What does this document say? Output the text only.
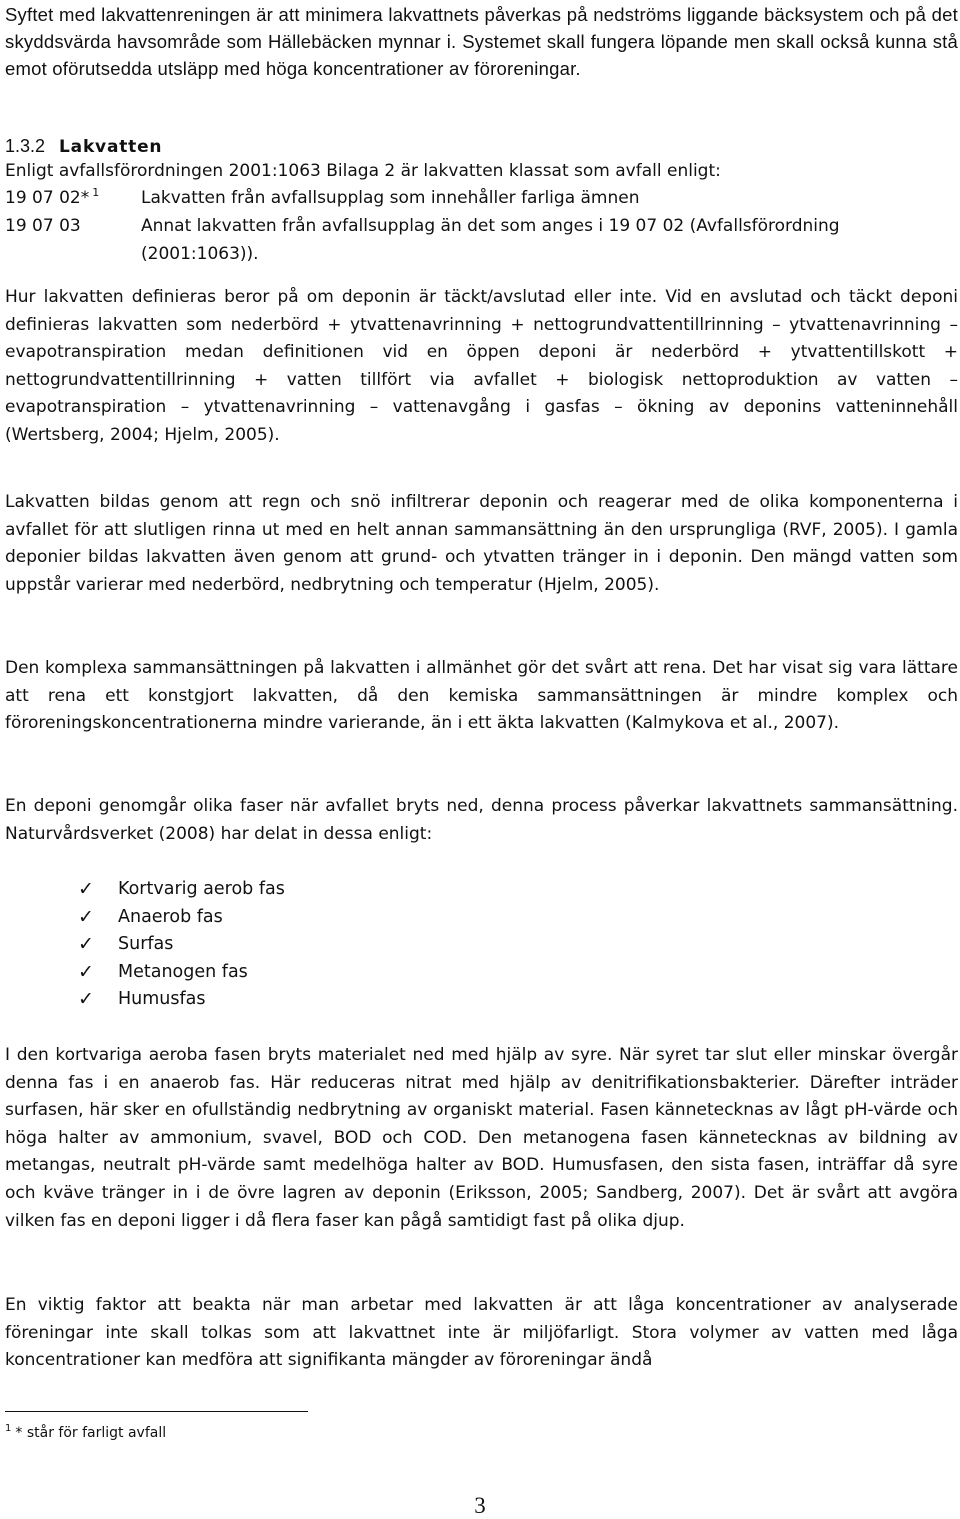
Syftet med lakvattenreningen är att minimera lakvattnets påverkas på nedströms liggande bäcksystem och på det skyddsvärda havsområde som Hällebäcken mynnar i. Systemet skall fungera löpande men skall också kunna stå emot oförutsedda utsläpp med höga koncentrationer av föroreningar.

1.3.2 Lakvatten

Enligt avfallsförordningen 2001:1063 Bilaga 2 är lakvatten klassat som avfall enligt:

19 07 02* $^1$ Lakvatten från avfallsupplag som innehåller farliga ämnen
19 07 03	Annat lakvatten från avfallsupplag än det som anges i 19 07 02 (Avfallsförordning (2001:1063)).

Hur lakvatten definieras beror på om deponin är täckt/avslutad eller inte. Vid en avslutad och täckt deponi definieras lakvatten som nederbörd + ytvattenavrinning + nettogrundvattentillrinning – ytvattenavrinning – evapotranspiration medan definitionen vid en öppen deponi är nederbörd + ytvattentillskott + nettogrundvattentillrinning + vatten tillfört via avfallet + biologisk nettoproduktion av vatten – evapotranspiration – ytvattenavrinning – vattenavgång i gasfas – ökning av deponins vatteninnehåll (Wertsberg, 2004; Hjelm, 2005).

Lakvatten bildas genom att regn och snö infiltrerar deponin och reagerar med de olika komponenterna i avfallet för att slutligen rinna ut med en helt annan sammansättning än den ursprungliga (RVF, 2005). I gamla deponier bildas lakvatten även genom att grund- och ytvatten tränger in i deponin. Den mängd vatten som uppstår varierar med nederbörd, nedbrytning och temperatur (Hjelm, 2005).

Den komplexa sammansättningen på lakvatten i allmänhet gör det svårt att rena. Det har visat sig vara lättare att rena ett konstgjort lakvatten, då den kemiska sammansättningen är mindre komplex och föroreningskoncentrationerna mindre varierande, än i ett äkta lakvatten (Kalmykova et al., 2007).

En deponi genomgår olika faser när avfallet bryts ned, denna process påverkar lakvattnets sammansättning. Naturvårdsverket (2008) har delat in dessa enligt:

✓	Kortvarig aerob fas
✓	Anaerob fas
✓	Surfas
✓	Metanogen fas
✓	Humusfas

I den kortvariga aeroba fasen bryts materialet ned med hjälp av syre. När syret tar slut eller minskar övergår denna fas i en anaerob fas. Här reduceras nitrat med hjälp av denitrifikationsbakterier. Därefter inträder surfasen, här sker en ofullständig nedbrytning av organiskt material. Fasen kännetecknas av lågt pH-värde och höga halter av ammonium, svavel, BOD och COD. Den metanogena fasen kännetecknas av bildning av metangas, neutralt pH-värde samt medelhöga halter av BOD. Humusfasen, den sista fasen, inträffar då syre och kväve tränger in i de övre lagren av deponin (Eriksson, 2005; Sandberg, 2007). Det är svårt att avgöra vilken fas en deponi ligger i då flera faser kan pågå samtidigt fast på olika djup.

En viktig faktor att beakta när man arbetar med lakvatten är att låga koncentrationer av analyserade föreningar inte skall tolkas som att lakvattnet inte är miljöfarligt. Stora volymer av vatten med låga koncentrationer kan medföra att signifikanta mängder av föroreningar ändå

$^1$ * står för farligt avfall
3
